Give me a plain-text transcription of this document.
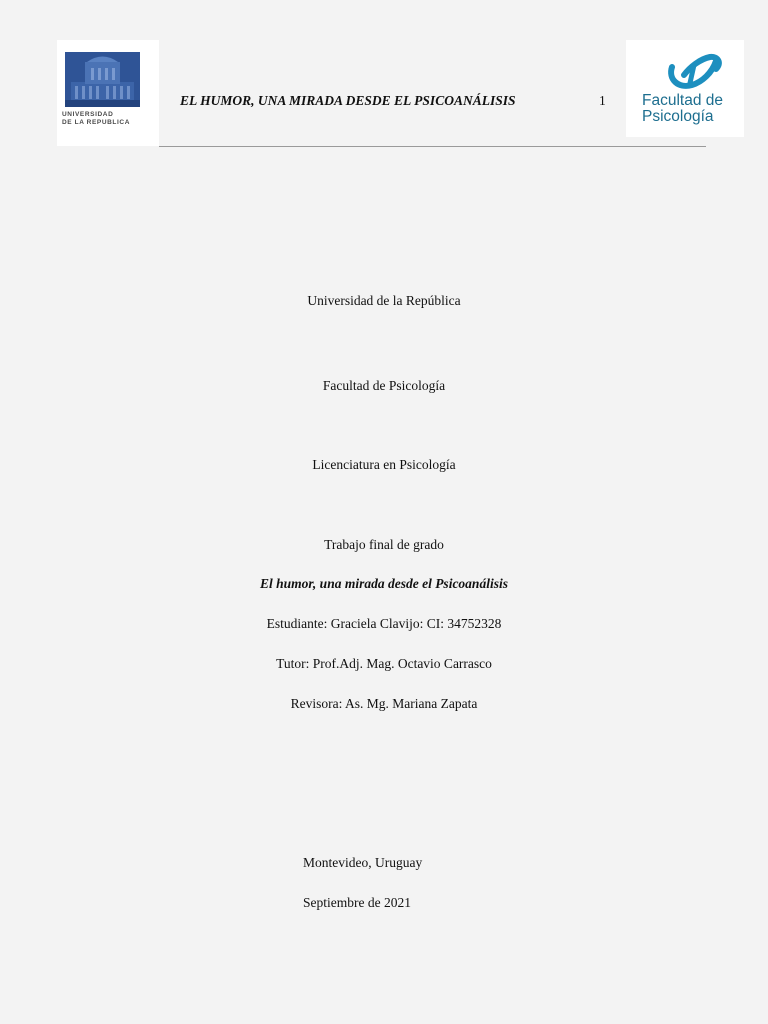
UNIVERSIDAD
DE LA REPUBLICA
EL HUMOR, UNA MIRADA DESDE EL PSICOANÁLISIS	1 Facultad de
Psicología
Universidad de la República
Facultad de Psicología
Licenciatura en Psicología
Trabajo final de grado
El humor, una mirada desde el Psicoanálisis
Estudiante: Graciela Clavijo: CI: 34752328
Tutor: Prof.Adj. Mag. Octavio Carrasco
Revisora: As. Mg. Mariana Zapata
Montevideo, Uruguay
Septiembre de 2021
